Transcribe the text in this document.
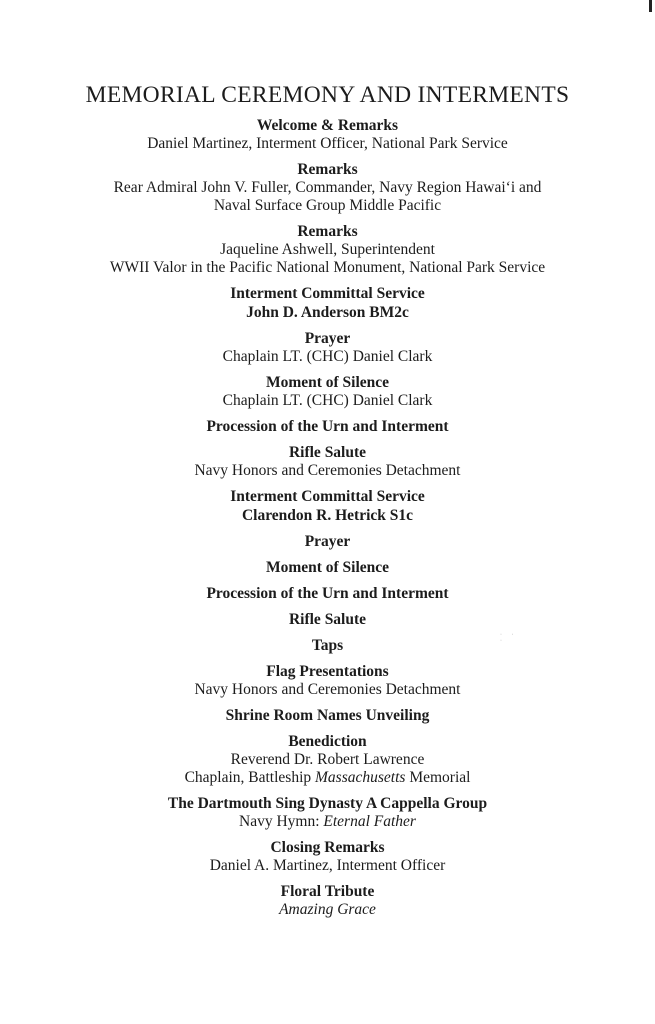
MEMORIAL CEREMONY AND INTERMENTS
Welcome & Remarks
Daniel Martinez, Interment Officer, National Park Service
Remarks
Rear Admiral John V. Fuller, Commander, Navy Region Hawai‘i and
Naval Surface Group Middle Pacific
Remarks
Jaqueline Ashwell, Superintendent
WWII Valor in the Pacific National Monument, National Park Service
Interment Committal Service
John D. Anderson BM2c
Prayer
Chaplain LT. (CHC) Daniel Clark
Moment of Silence
Chaplain LT. (CHC) Daniel Clark
Procession of the Urn and Interment
Rifle Salute
Navy Honors and Ceremonies Detachment
Interment Committal Service
Clarendon R. Hetrick S1c
Prayer
Moment of Silence
Procession of the Urn and Interment
Rifle Salute
Taps
Flag Presentations
Navy Honors and Ceremonies Detachment
Shrine Room Names Unveiling
Benediction
Reverend Dr. Robert Lawrence
Chaplain, Battleship Massachusetts Memorial
The Dartmouth Sing Dynasty A Cappella Group
Navy Hymn: Eternal Father
Closing Remarks
Daniel A. Martinez, Interment Officer
Floral Tribute
Amazing Grace
· · ·
